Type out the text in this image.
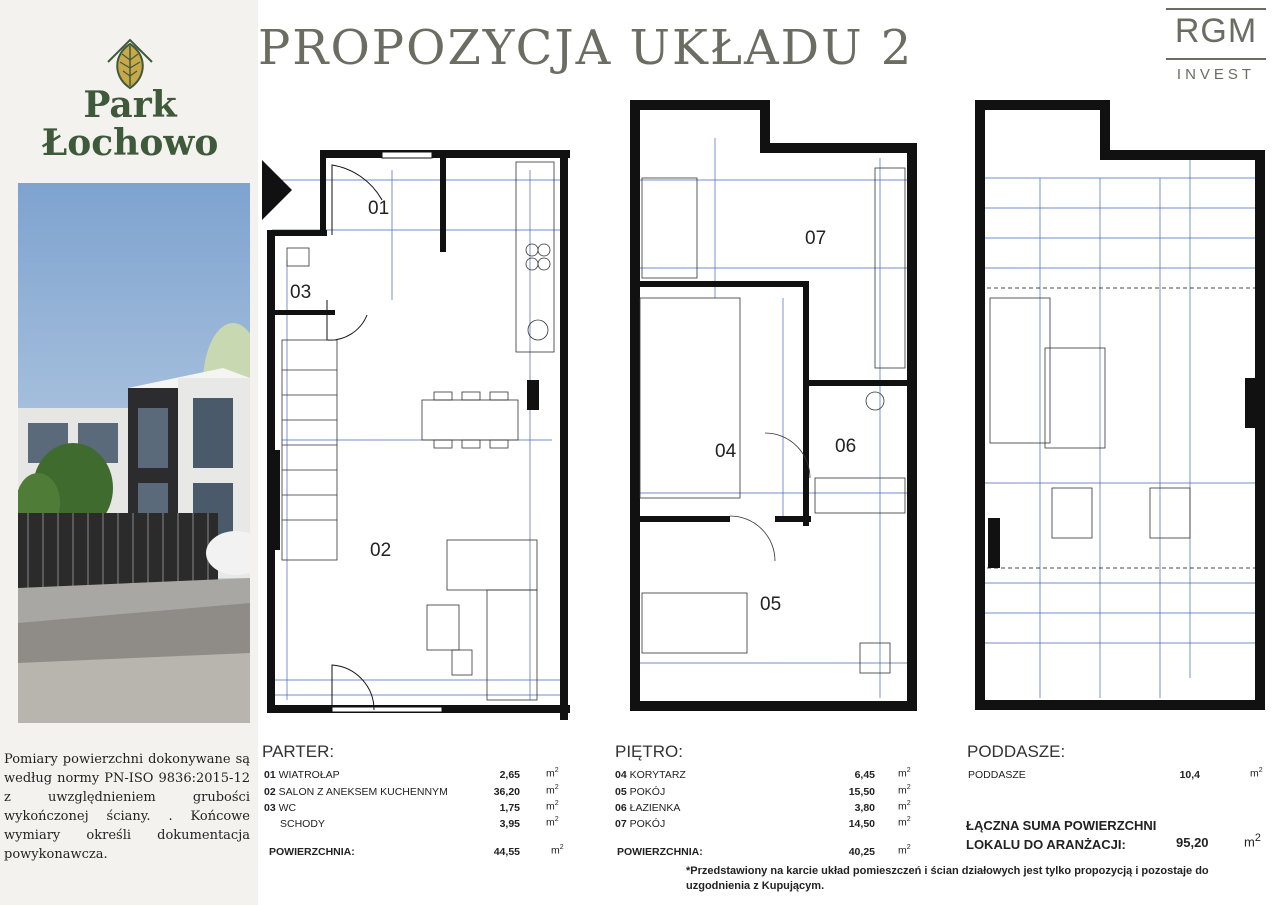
Park
Łochowo
Pomiary powierzchni dokonywane są według normy PN-ISO 9836:2015-12 z uwzględnieniem grubości wykończonej ściany. . Końcowe wymiary określi dokumentacja powykonawcza.
PROPOZYCJA UKŁADU 2	RGM
INVEST
01
02
03
07
04	06
05
PARTER:
01 WIATROŁAP	2,65 $m^2$
02 SALON Z ANEKSEM KUCHENNYM	36,20 $m^2$
03 WC	1,75 $m^2$
SCHODY	3,95 $m^2$
POWIERZCHNIA:	44,55	$m^2$
PIĘTRO:
04 KORYTARZ	6,45 $m^2$
05 POKÓJ	15,50 $m^2$
06 ŁAZIENKA	3,80 $m^2$
07 POKÓJ	14,50 $m^2$
POWIERZCHNIA:	40,25 $m^2$
PODDASZE:
PODDASZE	10,4	$m^2$
ŁĄCZNA SUMA POWIERZCHNI
LOKALU DO ARANŻACJI:	95,20	$m^2$
*Przedstawiony na karcie układ pomieszczeń i ścian działowych jest tylko propozycją i pozostaje do uzgodnienia z Kupującym.
